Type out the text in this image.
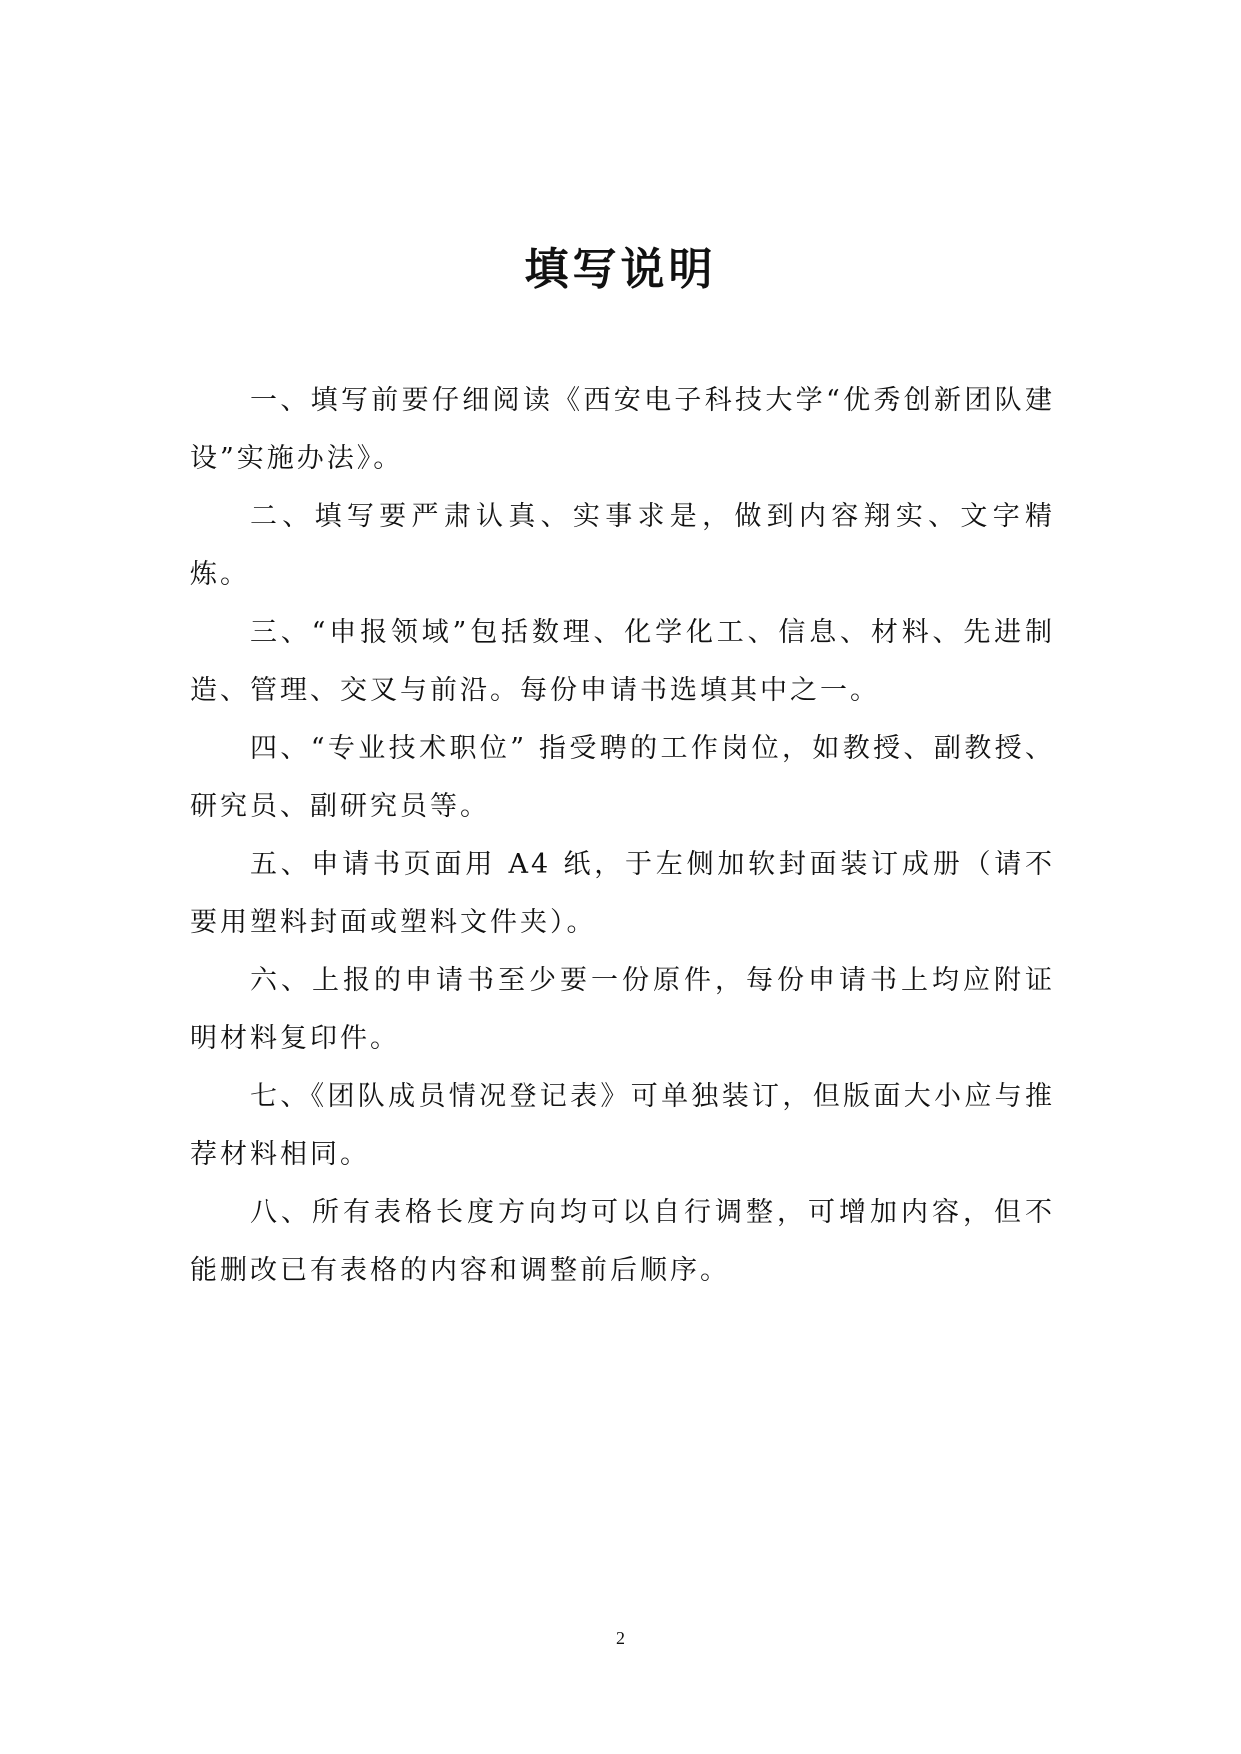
填写说明

一、填写前要仔细阅读《西安电子科技大学“优秀创新团队建设”实施办法》。

二、填写要严肃认真、实事求是，做到内容翔实、文字精炼。

三、“申报领域”包括数理、化学化工、信息、材料、先进制造、管理、交叉与前沿。每份申请书选填其中之一。

四、“专业技术职位” 指受聘的工作岗位，如教授、副教授、研究员、副研究员等。

五、申请书页面用 A4 纸，于左侧加软封面装订成册（请不要用塑料封面或塑料文件夹）。

六、上报的申请书至少要一份原件，每份申请书上均应附证明材料复印件。

七、《团队成员情况登记表》可单独装订，但版面大小应与推荐材料相同。

八、所有表格长度方向均可以自行调整，可增加内容，但不能删改已有表格的内容和调整前后顺序。

2
